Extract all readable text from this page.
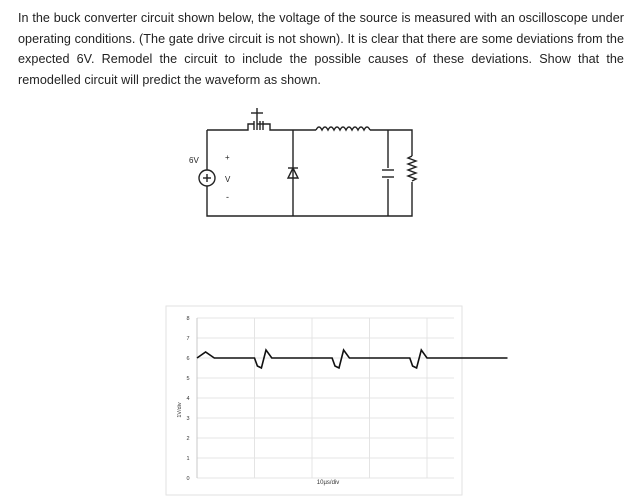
In the buck converter circuit shown below, the voltage of the source is measured with an oscilloscope under operating conditions. (The gate drive circuit is not shown). It is clear that there are some deviations from the expected 6V. Remodel the circuit to include the possible causes of these deviations. Show that the remodelled circuit will predict the waveform as shown.

6V	+
V
-
0
1
2
3
4
5
6
7
8
1V/div
10µs/div
